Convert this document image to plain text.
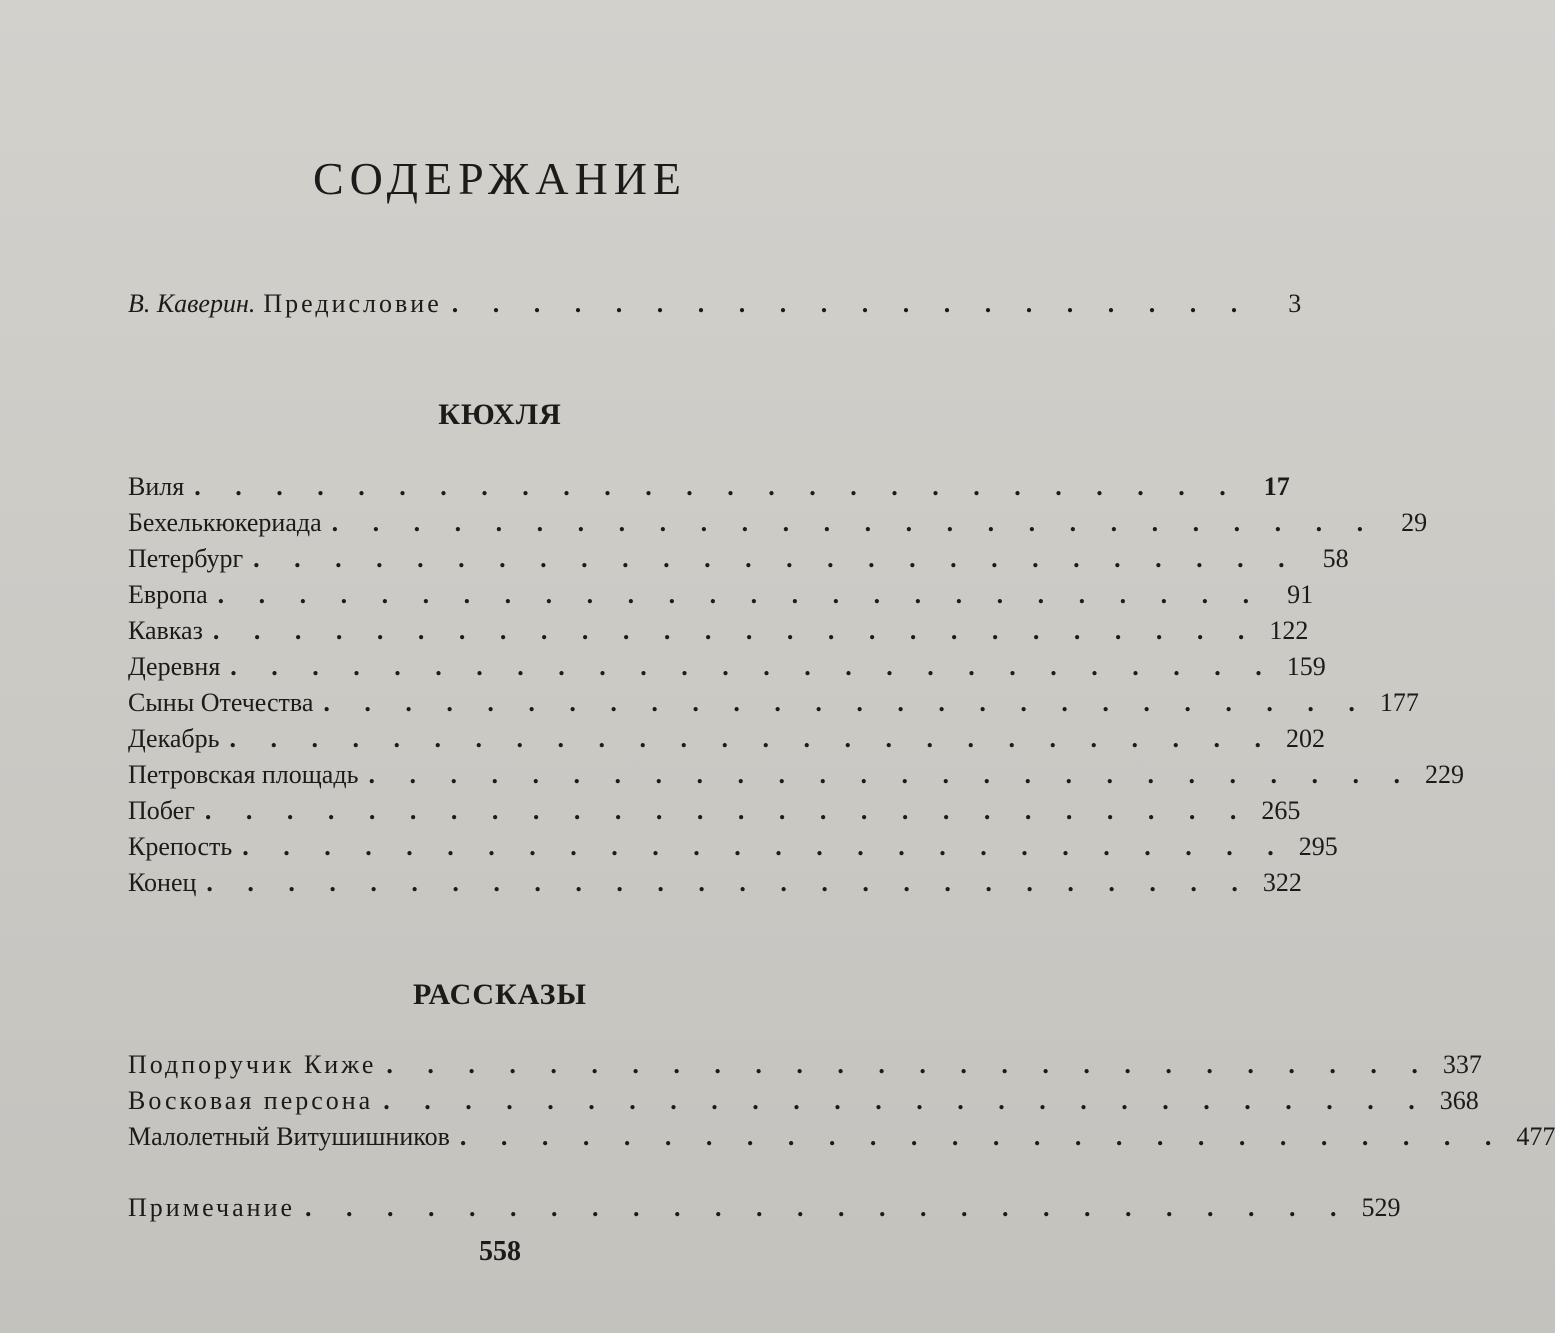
СОДЕРЖАНИЕ
В. Каверин. Предисловие . . . . . . . . . . . . . . . . . . . .	3
КЮХЛЯ
Виля . . . . . . . . . . . . . . . . . . . . . . . . . . 17
Бехелькюкериада . . . . . . . . . . . . . . . . . . . . . . . . . . 29
Петербург . . . . . . . . . . . . . . . . . . . . . . . . . . 58
Европа . . . . . . . . . . . . . . . . . . . . . . . . . . 91
Кавказ . . . . . . . . . . . . . . . . . . . . . . . . . . 122
Деревня . . . . . . . . . . . . . . . . . . . . . . . . . . 159
Сыны Отечества . . . . . . . . . . . . . . . . . . . . . . . . . . 177
Декабрь . . . . . . . . . . . . . . . . . . . . . . . . . . 202
Петровская площадь . . . . . . . . . . . . . . . . . . . . . . . . . . 229
Побег . . . . . . . . . . . . . . . . . . . . . . . . . . 265
Крепость . . . . . . . . . . . . . . . . . . . . . . . . . . 295
Конец . . . . . . . . . . . . . . . . . . . . . . . . . . 322
РАССКАЗЫ
Подпоручик Киже . . . . . . . . . . . . . . . . . . . . . . . . . . 337
Восковая персона . . . . . . . . . . . . . . . . . . . . . . . . . . 368
Малолетный Витушишников . . . . . . . . . . . . . . . . . . . . . . . . . . 477
Примечание . . . . . . . . . . . . . . . . . . . . . . . . . . 529
558
